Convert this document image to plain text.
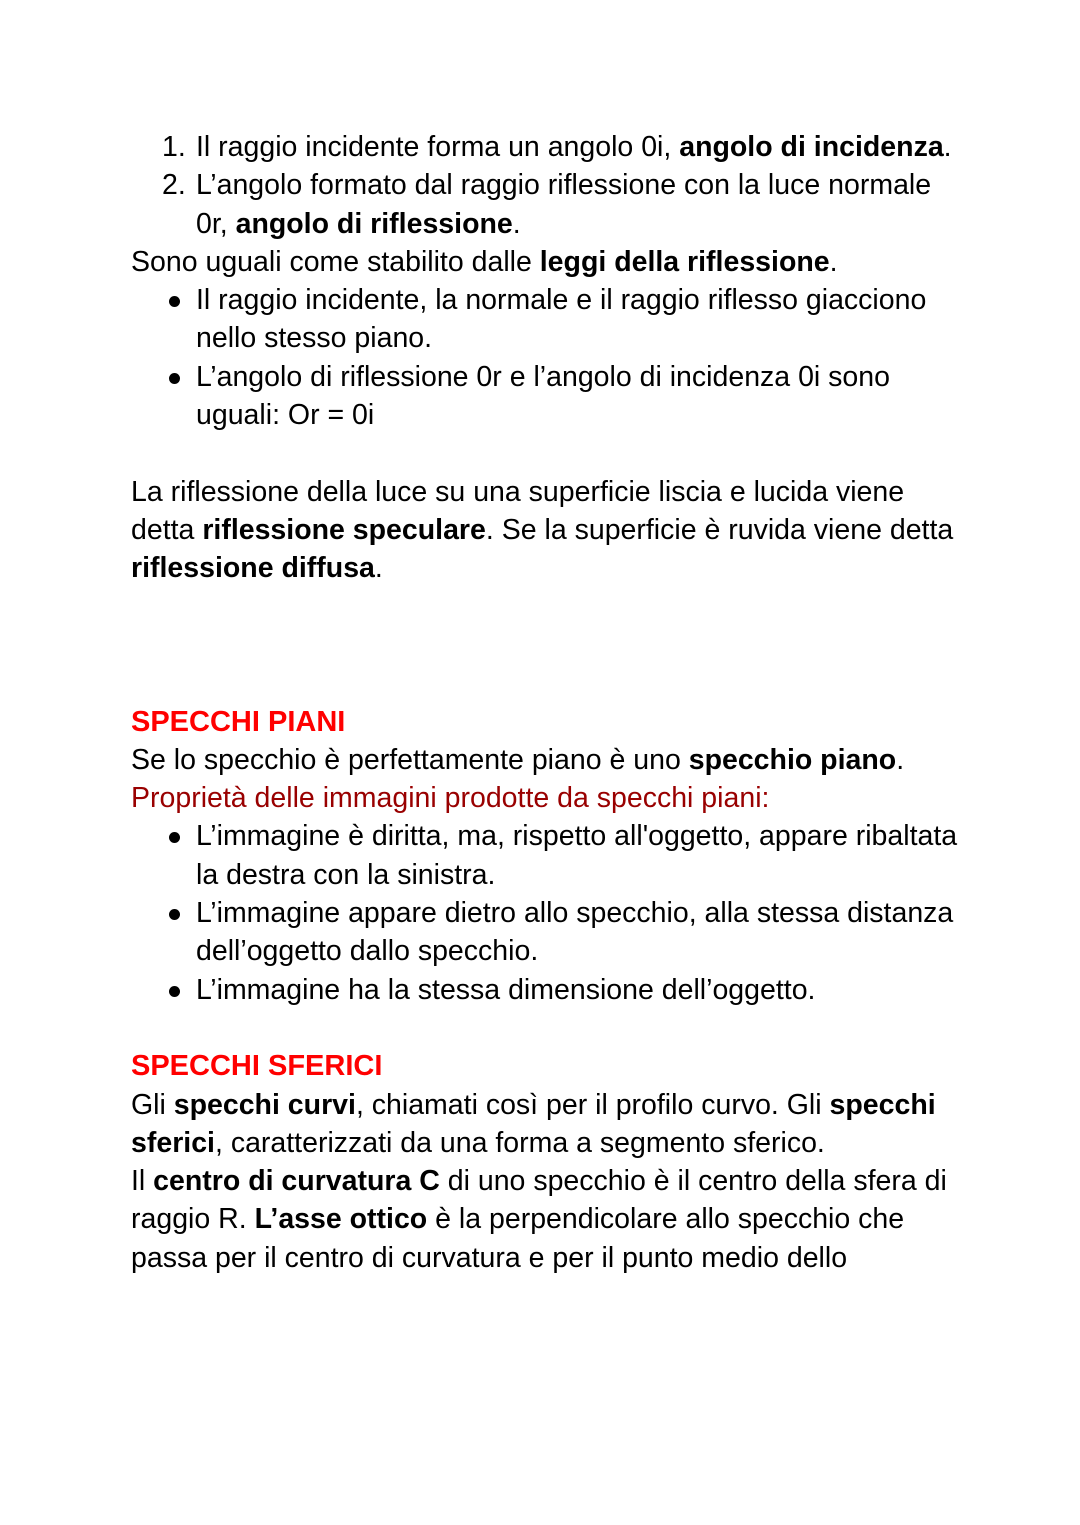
1. Il raggio incidente forma un angolo 0i, angolo di incidenza.
2. L’angolo formato dal raggio riflessione con la luce normale 0r, angolo di riflessione.

Sono uguali come stabilito dalle leggi della riflessione.

Il raggio incidente, la normale e il raggio riflesso giacciono nello stesso piano.
L’angolo di riflessione 0r e l’angolo di incidenza 0i sono uguali: Or = 0i

La riflessione della luce su una superficie liscia e lucida viene detta riflessione speculare. Se la superficie è ruvida viene detta riflessione diffusa.

SPECCHI PIANI

Se lo specchio è perfettamente piano è uno specchio piano.

Proprietà delle immagini prodotte da specchi piani:

L’immagine è diritta, ma, rispetto all'oggetto, appare ribaltata la destra con la sinistra.
L’immagine appare dietro allo specchio, alla stessa distanza dell’oggetto dallo specchio.
L’immagine ha la stessa dimensione dell’oggetto.

SPECCHI SFERICI

Gli specchi curvi, chiamati così per il profilo curvo. Gli specchi sferici, caratterizzati da una forma a segmento sferico.

Il centro di curvatura C di uno specchio è il centro della sfera di raggio R. L’asse ottico è la perpendicolare allo specchio che passa per il centro di curvatura e per il punto medio dello
